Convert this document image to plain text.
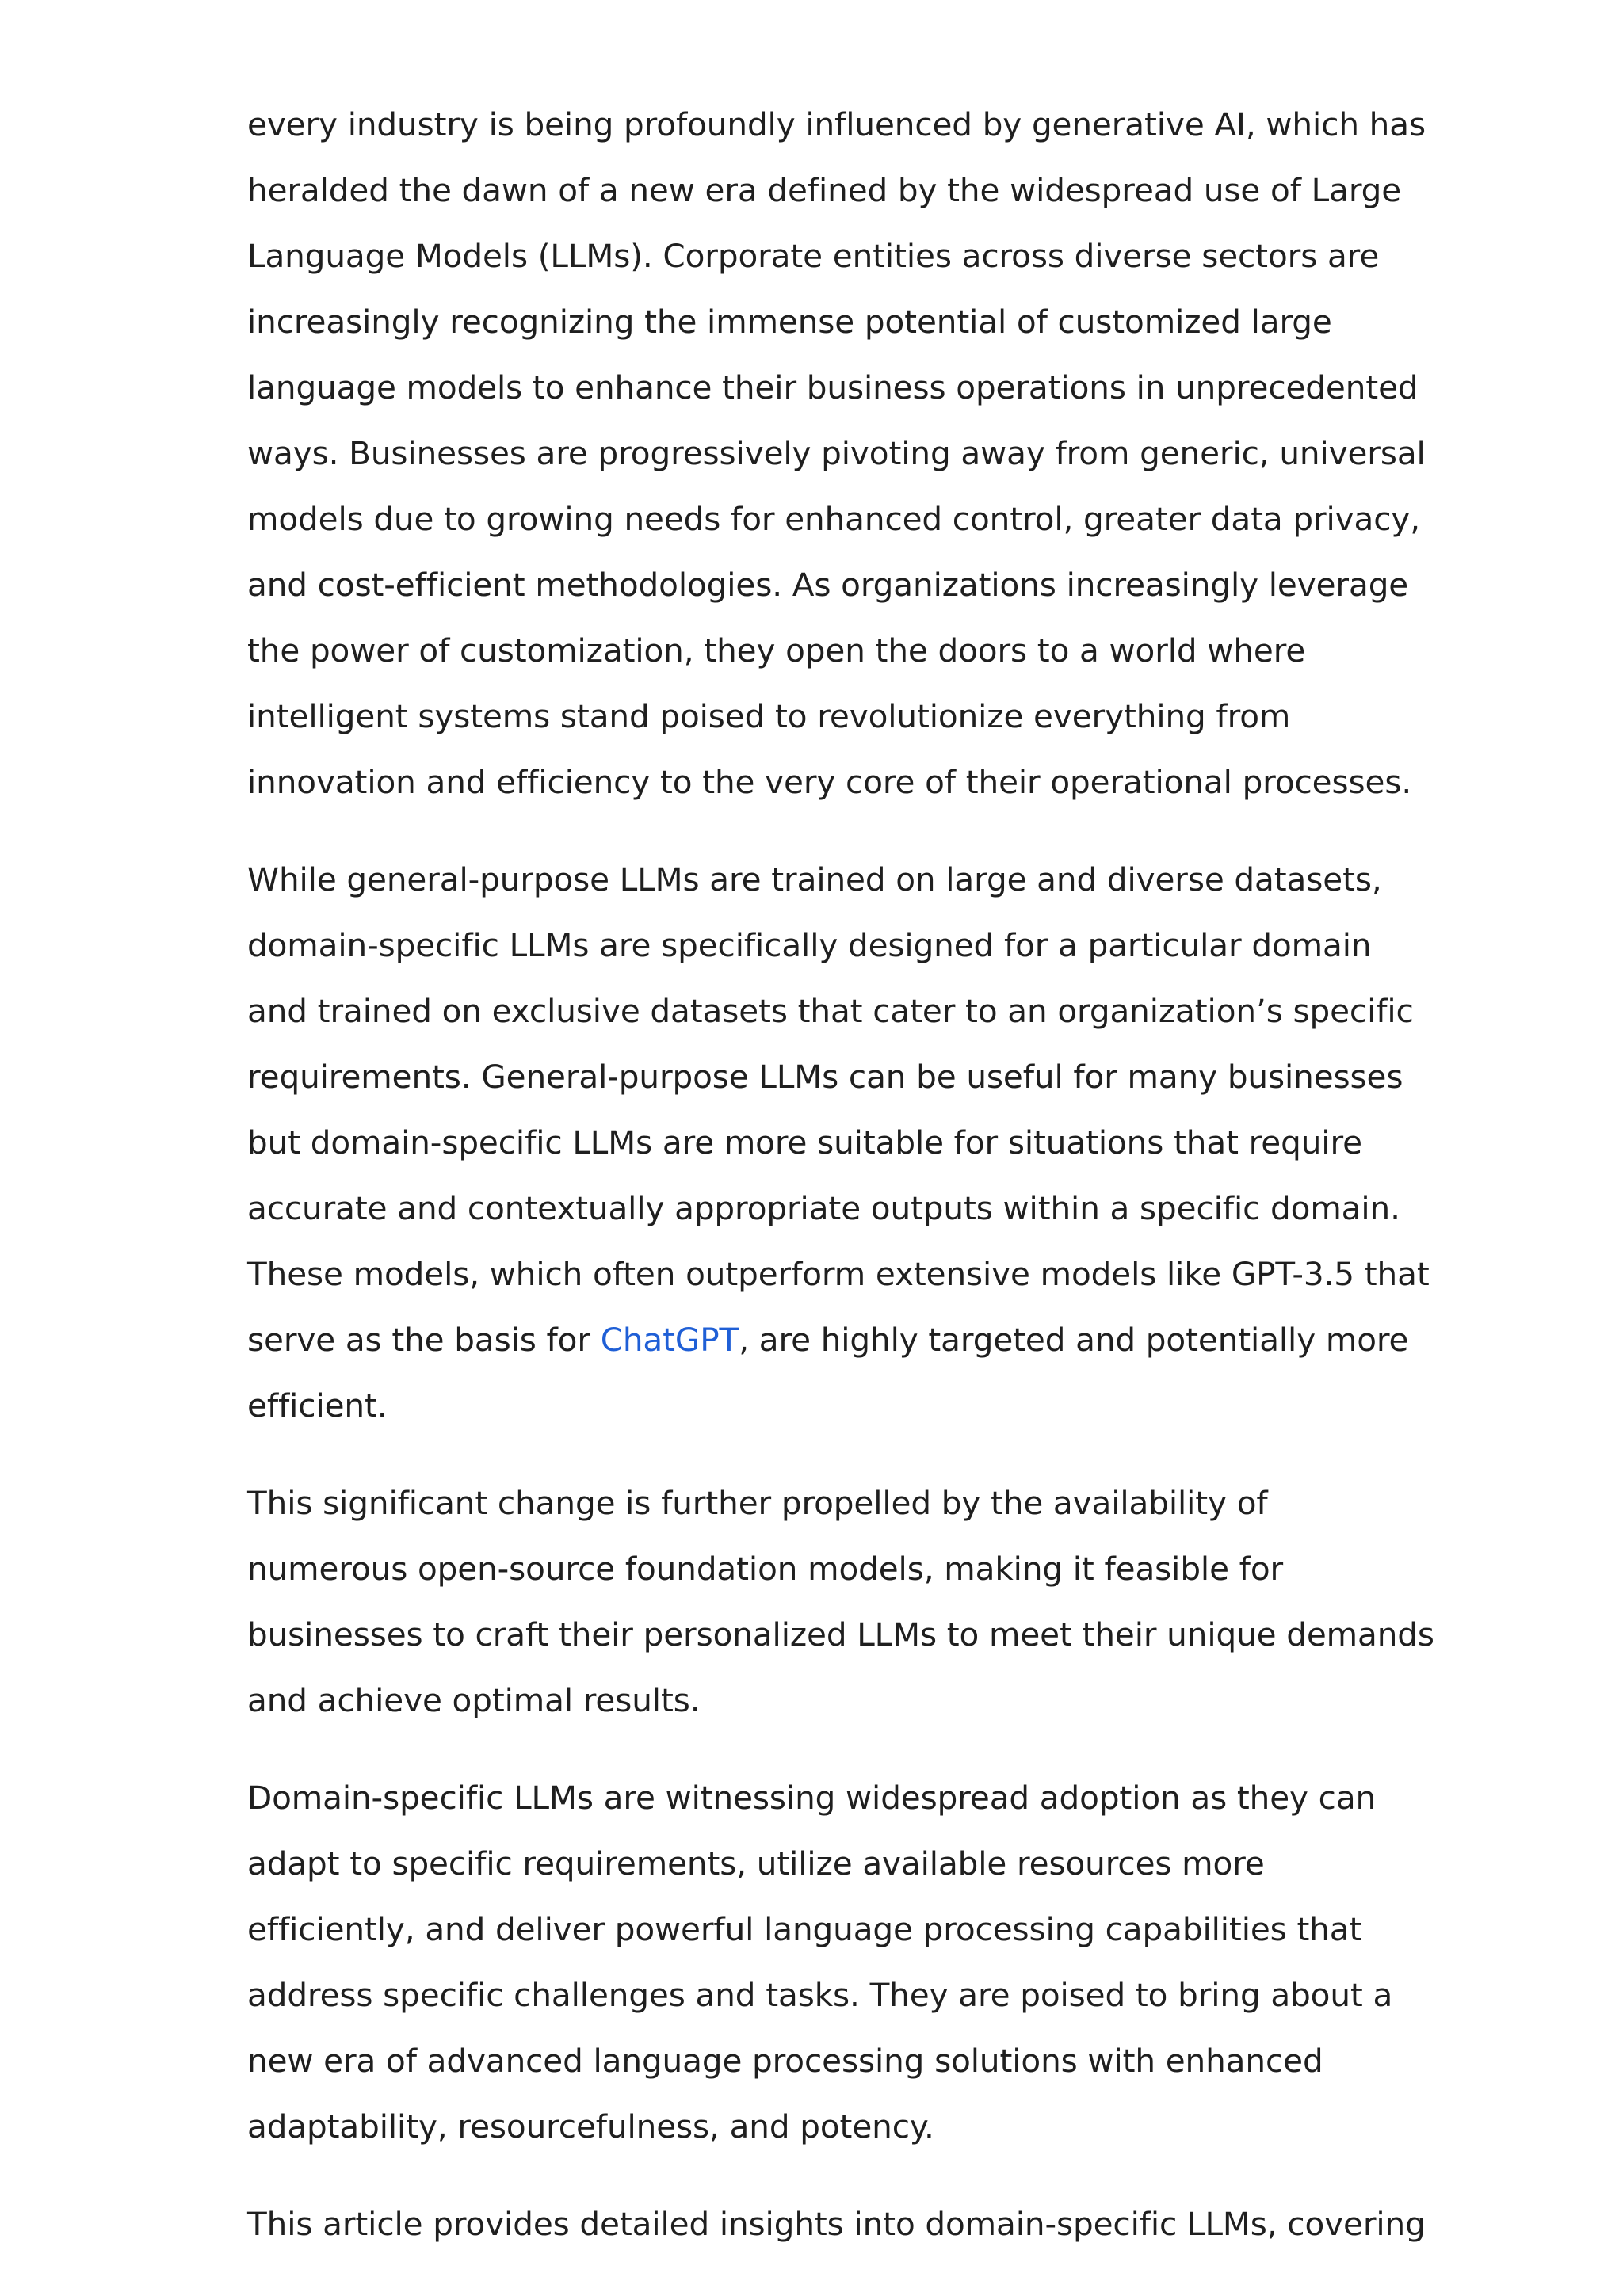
every industry is being profoundly influenced by generative AI, which has heralded the dawn of a new era defined by the widespread use of Large Language Models (LLMs). Corporate entities across diverse sectors are increasingly recognizing the immense potential of customized large language models to enhance their business operations in unprecedented ways. Businesses are progressively pivoting away from generic, universal models due to growing needs for enhanced control, greater data privacy, and cost-efficient methodologies. As organizations increasingly leverage the power of customization, they open the doors to a world where intelligent systems stand poised to revolutionize everything from innovation and efficiency to the very core of their operational processes.

While general-purpose LLMs are trained on large and diverse datasets, domain-specific LLMs are specifically designed for a particular domain and trained on exclusive datasets that cater to an organization’s specific requirements. General-purpose LLMs can be useful for many businesses but domain-specific LLMs are more suitable for situations that require accurate and contextually appropriate outputs within a specific domain. These models, which often outperform extensive models like GPT-3.5 that serve as the basis for ChatGPT, are highly targeted and potentially more efficient.

This significant change is further propelled by the availability of numerous open-source foundation models, making it feasible for businesses to craft their personalized LLMs to meet their unique demands and achieve optimal results.

Domain-specific LLMs are witnessing widespread adoption as they can adapt to specific requirements, utilize available resources more efficiently, and deliver powerful language processing capabilities that address specific challenges and tasks. They are poised to bring about a new era of advanced language processing solutions with enhanced adaptability, resourcefulness, and potency.

This article provides detailed insights into domain-specific LLMs, covering
